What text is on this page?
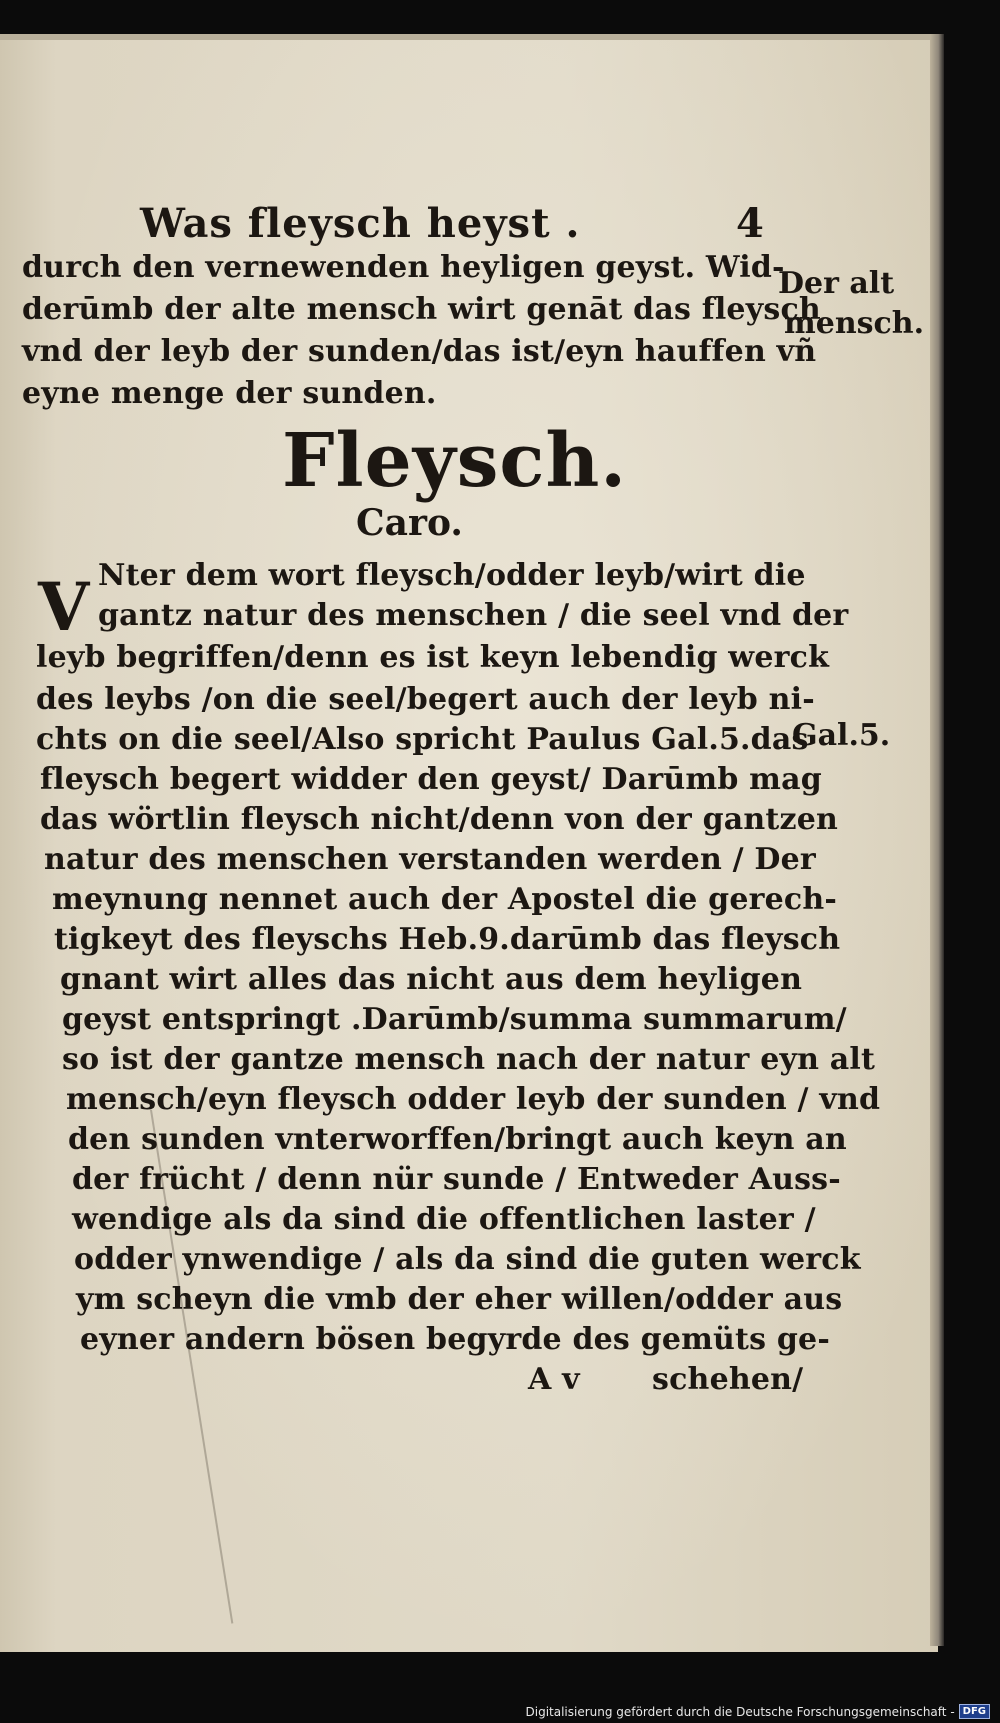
Was fleysch heyst .	4
durch den vernewenden heyligen geyst. Wid-
derūmb der alte mensch wirt genāt das fleysch
vnd der leyb der sunden/das ist/eyn hauffen vñ
eyne menge der sunden.
Der alt
mensch.
Fleysch.
Caro.
V Nter dem wort fleysch/odder leyb/wirt die
gantz natur des menschen / die seel vnd der
leyb begriffen/denn es ist keyn lebendig werck
des leybs /on die seel/begert auch der leyb ni-
chts on die seel/Also spricht Paulus Gal.5.das
fleysch begert widder den geyst/ Darūmb mag
das wörtlin fleysch nicht/denn von der gantzen
natur des menschen verstanden werden / Der
meynung nennet auch der Apostel die gerech-
tigkeyt des fleyschs Heb.9.darūmb das fleysch
gnant wirt alles das nicht aus dem heyligen
geyst entspringt .Darūmb/summa summarum/
so ist der gantze mensch nach der natur eyn alt
mensch/eyn fleysch odder leyb der sunden / vnd
den sunden vnterworffen/bringt auch keyn an
der frücht / denn nür sunde / Entweder Auss-
wendige als da sind die offentlichen laster /
odder ynwendige / als da sind die guten werck
ym scheyn die vmb der eher willen/odder aus
eyner andern bösen begyrde des gemüts ge-
A v schehen/
Gal.5.
Digitalisierung gefördert durch die Deutsche Forschungsgemeinschaft - DFG
